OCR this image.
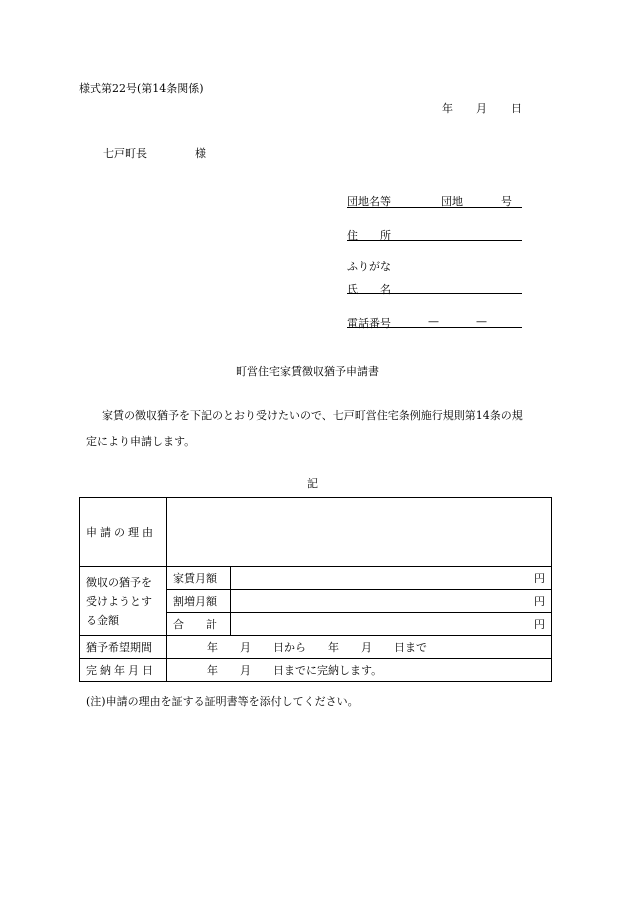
様式第22号(第14条関係)
年 月 日
七戸町長	様
団地名等	団地	号
住　　所
ふりがな
氏　　名
電話番号	—	—
町営住宅家賃徴収猶予申請書
家賃の徴収猶予を下記のとおり受けたいので、七戸町営住宅条例施行規則第14条の規
定により申請します。
記
申請の理由		

徴収の猶予を
受けようとす
る金額	家賃月額	円
	割増月額	円
	合　　計	円
猶予希望期間	年　　月　　日から　　年　　月　　日まで	
完納年月日	年　　月　　日までに完納します。	
(注)申請の理由を証する証明書等を添付してください。
